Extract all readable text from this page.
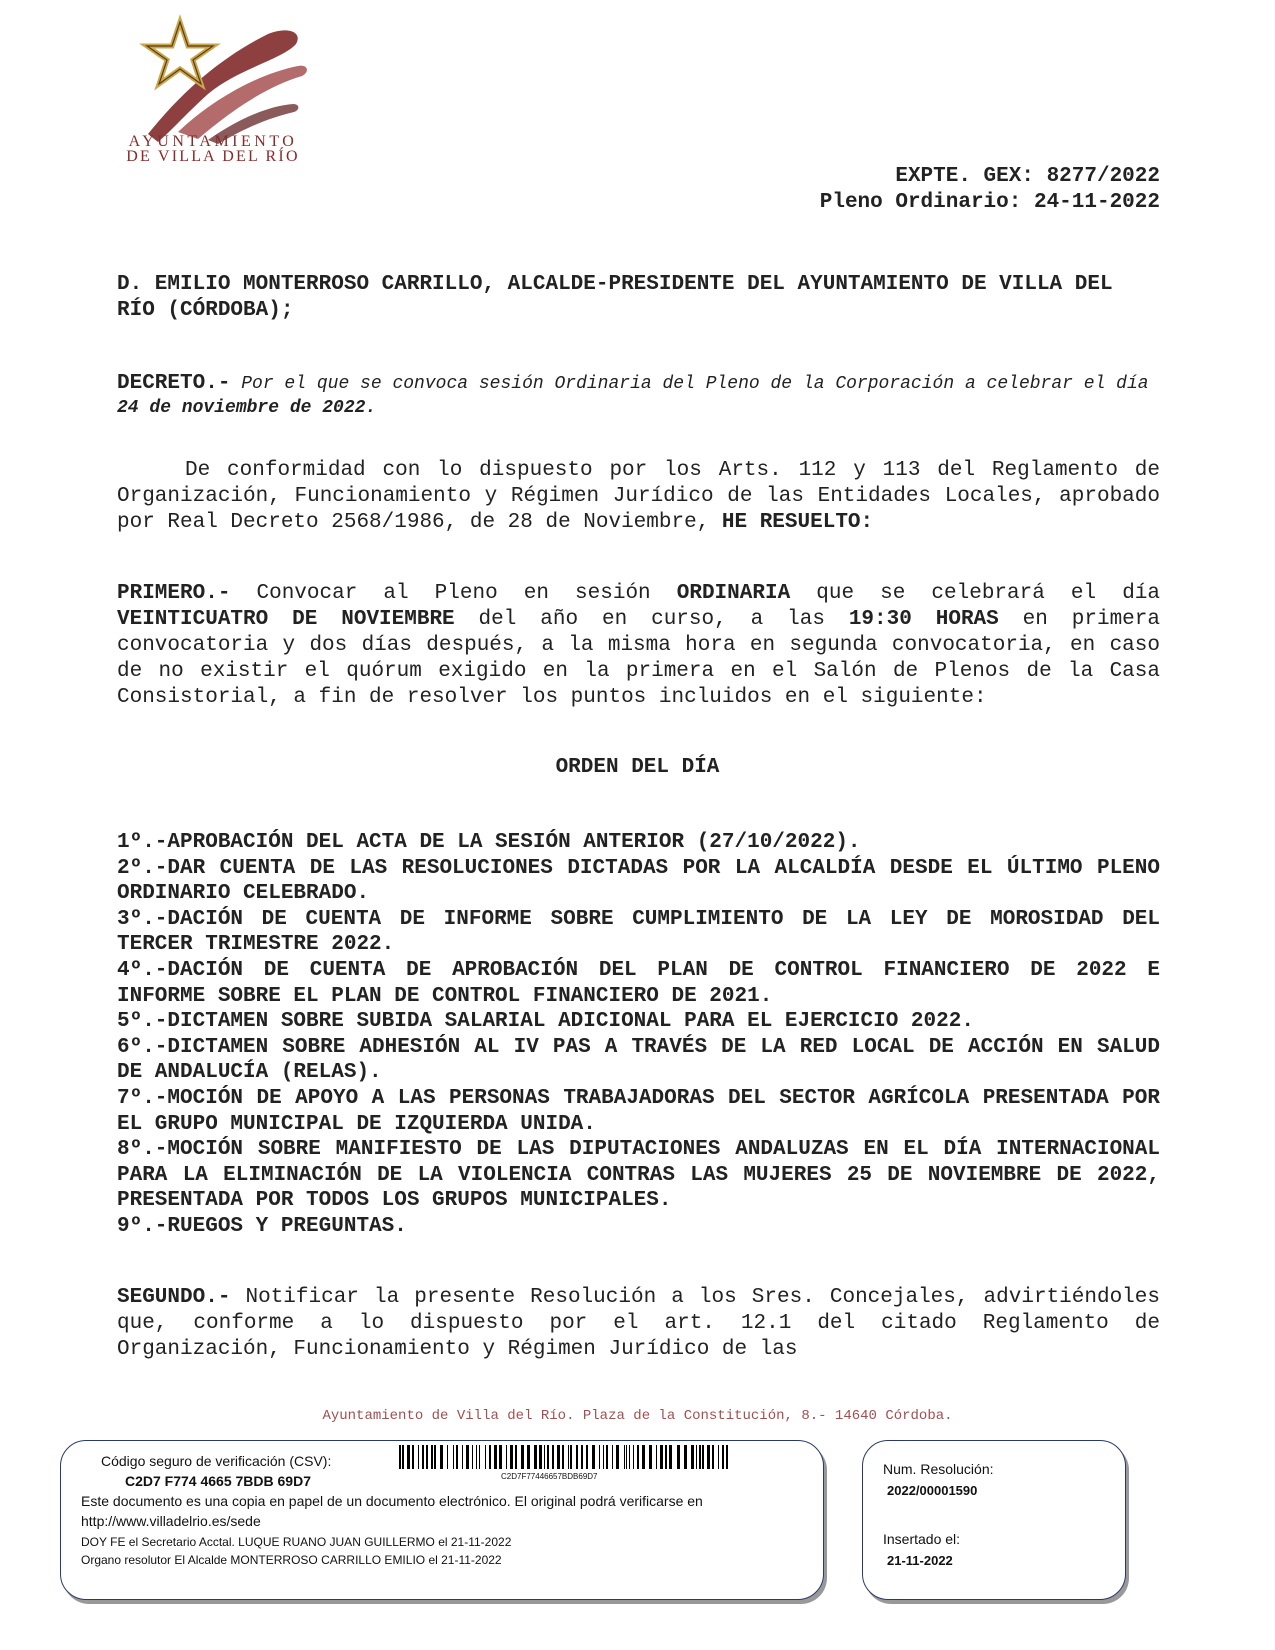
AYUNTAMIENTO
DE VILLA DEL RÍO
EXPTE. GEX: 8277/2022
Pleno Ordinario: 24-11-2022
D. EMILIO MONTERROSO CARRILLO, ALCALDE-PRESIDENTE DEL AYUNTAMIENTO DE VILLA DEL RÍO (CÓRDOBA);
DECRETO.- Por el que se convoca sesión Ordinaria del Pleno de la Corporación a celebrar el día 24 de noviembre de 2022.
De conformidad con lo dispuesto por los Arts. 112 y 113 del Reglamento de Organización, Funcionamiento y Régimen Jurídico de las Entidades Locales, aprobado por Real Decreto 2568/1986, de 28 de Noviembre, HE RESUELTO:
PRIMERO.- Convocar al Pleno en sesión ORDINARIA que se celebrará el día VEINTICUATRO DE NOVIEMBRE del año en curso, a las 19:30 HORAS en primera convocatoria y dos días después, a la misma hora en segunda convocatoria, en caso de no existir el quórum exigido en la primera en el Salón de Plenos de la Casa Consistorial, a fin de resolver los puntos incluidos en el siguiente:
ORDEN DEL DÍA
1º.-APROBACIÓN DEL ACTA DE LA SESIÓN ANTERIOR (27/10/2022).
2º.-DAR CUENTA DE LAS RESOLUCIONES DICTADAS POR LA ALCALDÍA DESDE EL ÚLTIMO PLENO ORDINARIO CELEBRADO.
3º.-DACIÓN DE CUENTA DE INFORME SOBRE CUMPLIMIENTO DE LA LEY DE MOROSIDAD DEL TERCER TRIMESTRE 2022.
4º.-DACIÓN DE CUENTA DE APROBACIÓN DEL PLAN DE CONTROL FINANCIERO DE 2022 E INFORME SOBRE EL PLAN DE CONTROL FINANCIERO DE 2021.
5º.-DICTAMEN SOBRE SUBIDA SALARIAL ADICIONAL PARA EL EJERCICIO 2022.
6º.-DICTAMEN SOBRE ADHESIÓN AL IV PAS A TRAVÉS DE LA RED LOCAL DE ACCIÓN EN SALUD DE ANDALUCÍA (RELAS).
7º.-MOCIÓN DE APOYO A LAS PERSONAS TRABAJADORAS DEL SECTOR AGRÍCOLA PRESENTADA POR EL GRUPO MUNICIPAL DE IZQUIERDA UNIDA.
8º.-MOCIÓN SOBRE MANIFIESTO DE LAS DIPUTACIONES ANDALUZAS EN EL DÍA INTERNACIONAL PARA LA ELIMINACIÓN DE LA VIOLENCIA CONTRAS LAS MUJERES 25 DE NOVIEMBRE DE 2022, PRESENTADA POR TODOS LOS GRUPOS MUNICIPALES.
9º.-RUEGOS Y PREGUNTAS.
SEGUNDO.- Notificar la presente Resolución a los Sres. Concejales, advirtiéndoles que, conforme a lo dispuesto por el art. 12.1 del citado Reglamento de Organización, Funcionamiento y Régimen Jurídico de las
Ayuntamiento de Villa del Río. Plaza de la Constitución, 8.- 14640 Córdoba.
Código seguro de verificación (CSV):
C2D7 F774 4665 7BDB 69D7	C2D7F77446657BDB69D7
Este documento es una copia en papel de un documento electrónico. El original podrá verificarse en
http://www.villadelrio.es/sede
DOY FE el Secretario Acctal. LUQUE RUANO JUAN GUILLERMO el 21-11-2022
Organo resolutor El Alcalde MONTERROSO CARRILLO EMILIO el 21-11-2022
Num. Resolución:
2022/00001590
Insertado el:
21-11-2022
